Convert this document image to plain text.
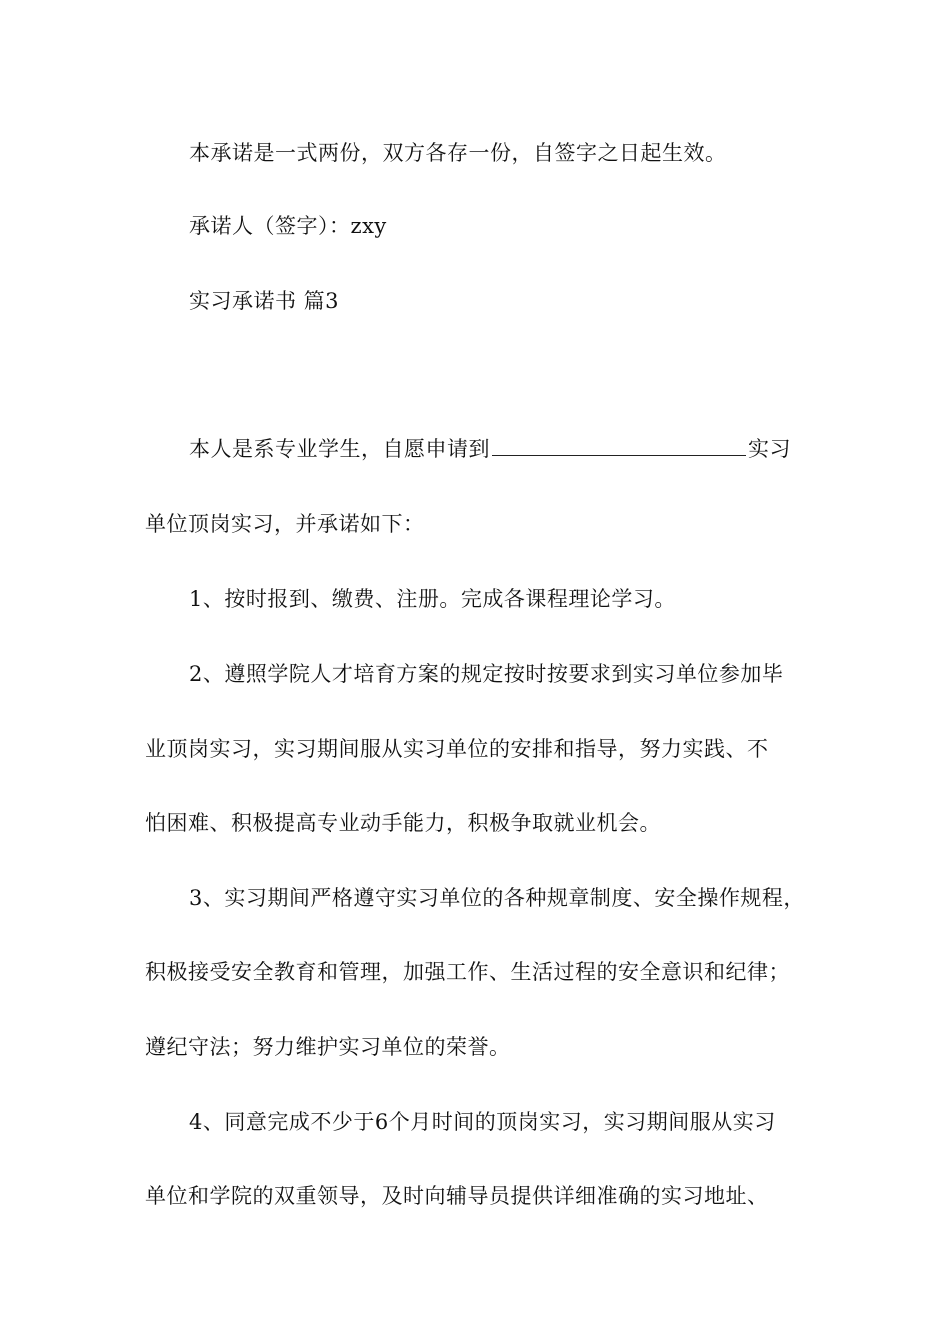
本承诺是一式两份，双方各存一份，自签字之日起生效。
承诺人（签字）：zxy
实习承诺书 篇3
本人是系专业学生，自愿申请到	实习
单位顶岗实习，并承诺如下：
1、按时报到、缴费、注册。完成各课程理论学习。
2、遵照学院人才培育方案的规定按时按要求到实习单位参加毕
业顶岗实习，实习期间服从实习单位的安排和指导，努力实践、不
怕困难、积极提高专业动手能力，积极争取就业机会。
3、实习期间严格遵守实习单位的各种规章制度、安全操作规程，
积极接受安全教育和管理，加强工作、生活过程的安全意识和纪律；
遵纪守法；努力维护实习单位的荣誉。
4、同意完成不少于6个月时间的顶岗实习，实习期间服从实习
单位和学院的双重领导，及时向辅导员提供详细准确的实习地址、
